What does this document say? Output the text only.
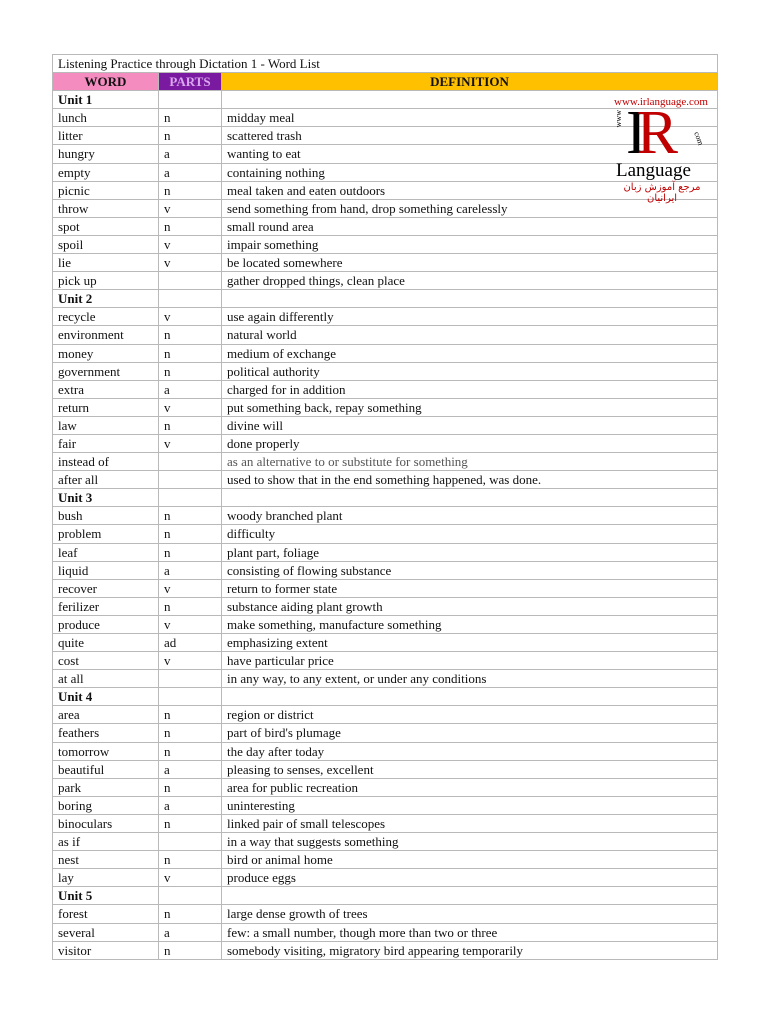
Listening Practice through Dictation 1 - Word List		
WORD	PARTS	DEFINITION
Unit 1		
lunch	n	midday meal
litter	n	scattered trash
hungry	a	wanting to eat
empty	a	containing nothing
picnic	n	meal taken and eaten outdoors
throw	v	send something from hand, drop something carelessly
spot	n	small round area
spoil	v	impair something
lie	v	be located somewhere
pick up		gather dropped things, clean place
Unit 2		
recycle	v	use again differently
environment	n	natural world
money	n	medium of exchange
government	n	political authority
extra	a	charged for in addition
return	v	put something back, repay something
law	n	divine will
fair	v	done properly
instead of		as an alternative to or substitute for something
after all		used to show that in the end something happened, was done.
Unit 3		
bush	n	woody branched plant
problem	n	difficulty
leaf	n	plant part, foliage
liquid	a	consisting of flowing substance
recover	v	return to former state
ferilizer	n	substance aiding plant growth
produce	v	make something, manufacture something
quite	ad	emphasizing extent
cost	v	have particular price
at all		in any way, to any extent, or under any conditions
Unit 4		
area	n	region or district
feathers	n	part of bird's plumage
tomorrow	n	the day after today
beautiful	a	pleasing to senses, excellent
park	n	area for public recreation
boring	a	uninteresting
binoculars	n	linked pair of small telescopes
as if		in a way that suggests something
nest	n	bird or animal home
lay	v	produce eggs
Unit 5		
forest	n	large dense growth of trees
several	a	few: a small number, though more than two or three
visitor	n	somebody visiting, migratory bird appearing temporarily
www.irlanguage.com
www IR	com
Language
مرجع آموزش زبان ایرانیان
